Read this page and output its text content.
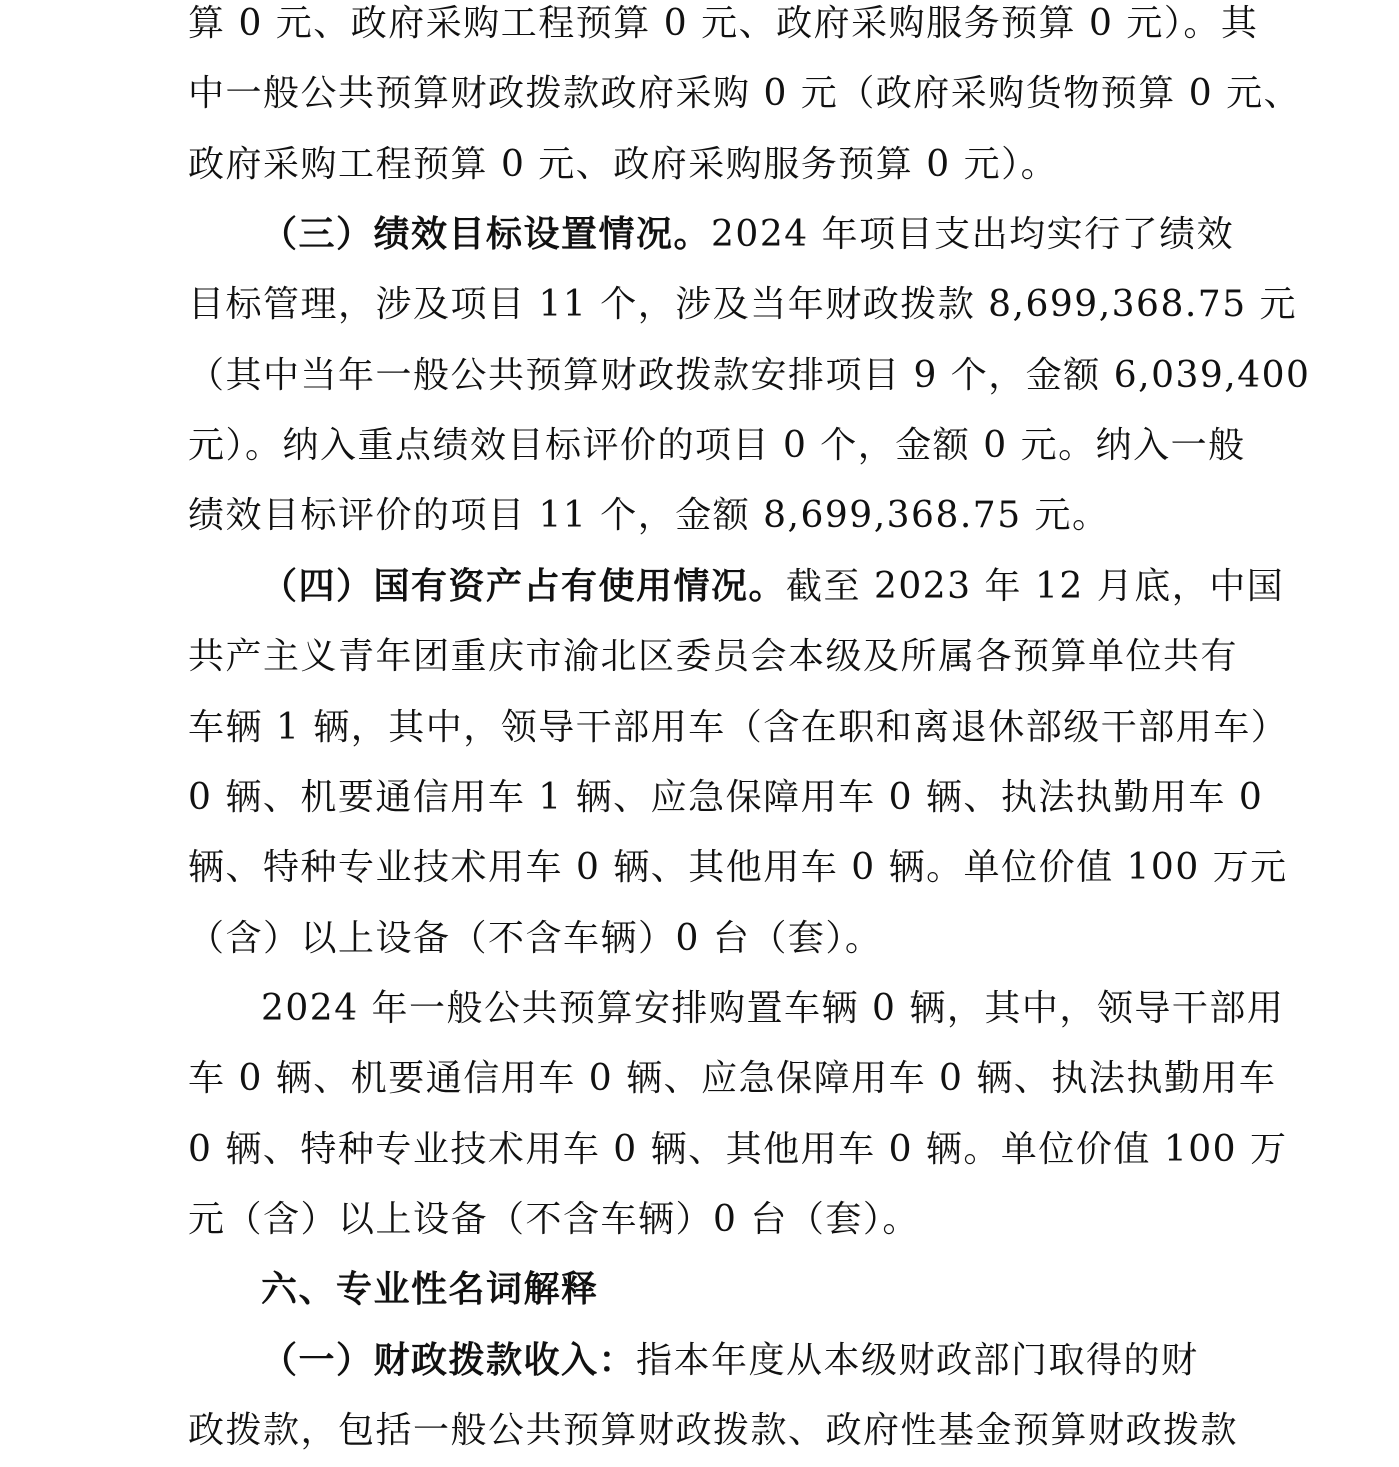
算 0 元、政府采购工程预算 0 元、政府采购服务预算 0 元）。其
中一般公共预算财政拨款政府采购 0 元（政府采购货物预算 0 元、
政府采购工程预算 0 元、政府采购服务预算 0 元）。
（三）绩效目标设置情况。2024 年项目支出均实行了绩效
目标管理，涉及项目 11 个，涉及当年财政拨款 8,699,368.75 元
（其中当年一般公共预算财政拨款安排项目 9 个，金额 6,039,400
元）。纳入重点绩效目标评价的项目 0 个，金额 0 元。纳入一般
绩效目标评价的项目 11 个，金额 8,699,368.75 元。
（四）国有资产占有使用情况。截至 2023 年 12 月底，中国
共产主义青年团重庆市渝北区委员会本级及所属各预算单位共有
车辆 1 辆，其中，领导干部用车（含在职和离退休部级干部用车）
0 辆、机要通信用车 1 辆、应急保障用车 0 辆、执法执勤用车 0
辆、特种专业技术用车 0 辆、其他用车 0 辆。单位价值 100 万元
（含）以上设备（不含车辆）0 台（套）。
2024 年一般公共预算安排购置车辆 0 辆，其中，领导干部用
车 0 辆、机要通信用车 0 辆、应急保障用车 0 辆、执法执勤用车
0 辆、特种专业技术用车 0 辆、其他用车 0 辆。单位价值 100 万
元（含）以上设备（不含车辆）0 台（套）。
六、专业性名词解释
（一）财政拨款收入：指本年度从本级财政部门取得的财
政拨款，包括一般公共预算财政拨款、政府性基金预算财政拨款
